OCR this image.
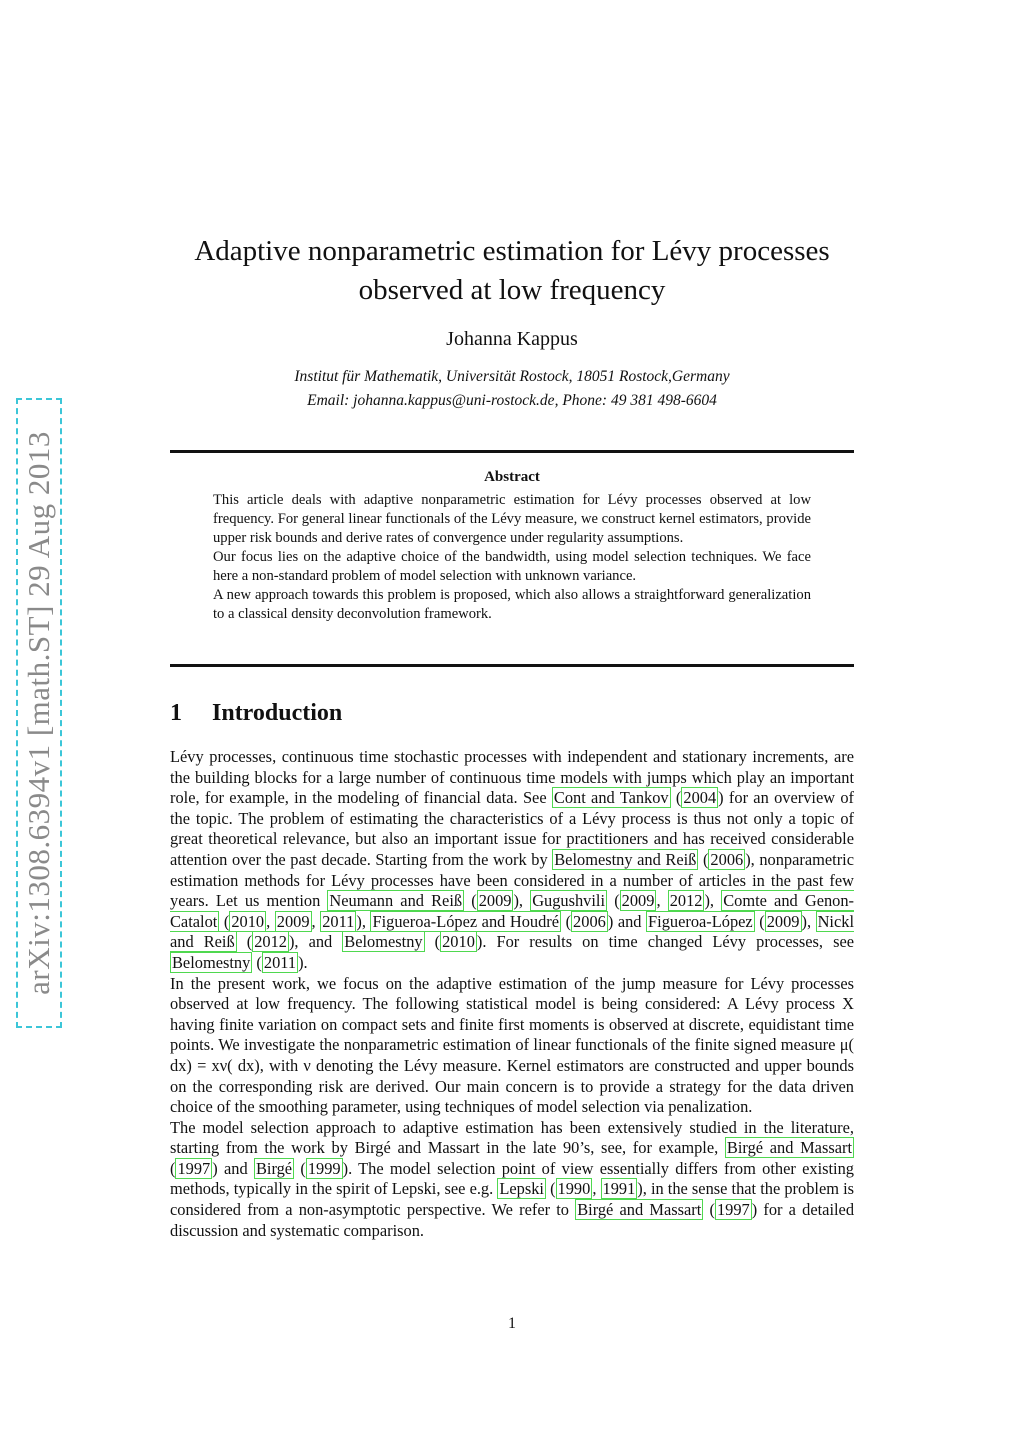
arXiv:1308.6394v1 [math.ST] 29 Aug 2013
Adaptive nonparametric estimation for Lévy processes
observed at low frequency
Johanna Kappus
Institut für Mathematik, Universität Rostock, 18051 Rostock,Germany
Email: johanna.kappus@uni-rostock.de, Phone: 49 381 498-6604
Abstract

This article deals with adaptive nonparametric estimation for Lévy processes observed at low frequency. For general linear functionals of the Lévy measure, we construct kernel estimators, provide upper risk bounds and derive rates of convergence under regularity assumptions.

Our focus lies on the adaptive choice of the bandwidth, using model selection techniques. We face here a non-standard problem of model selection with unknown variance.

A new approach towards this problem is proposed, which also allows a straightforward generalization to a classical density deconvolution framework.

1 Introduction

Lévy processes, continuous time stochastic processes with independent and stationary increments, are the building blocks for a large number of continuous time models with jumps which play an important role, for example, in the modeling of financial data. See Cont and Tankov ( 2004 ) for an overview of the topic. The problem of estimating the characteristics of a Lévy process is thus not only a topic of great theoretical relevance, but also an important issue for practitioners and has received considerable attention over the past decade. Starting from the work by Belomestny and Reiß ( 2006 ), nonparametric estimation methods for Lévy processes have been considered in a number of articles in the past few years. Let us mention Neumann and Reiß ( 2009 ), Gugushvili ( 2009 , 2012 ), Comte and Genon-Catalot ( 2010 , 2009 , 2011 ), Figueroa-López and Houdré ( 2006 ) and Figueroa-López ( 2009 ), Nickl and Reiß ( 2012 ), and Belomestny ( 2010 ). For results on time changed Lévy processes, see Belomestny ( 2011 ).

In the present work, we focus on the adaptive estimation of the jump measure for Lévy processes observed at low frequency. The following statistical model is being considered: A Lévy process X having finite variation on compact sets and finite first moments is observed at discrete, equidistant time points. We investigate the nonparametric estimation of linear functionals of the finite signed measure μ( dx) = xν( dx), with ν denoting the Lévy measure. Kernel estimators are constructed and upper bounds on the corresponding risk are derived. Our main concern is to provide a strategy for the data driven choice of the smoothing parameter, using techniques of model selection via penalization.

The model selection approach to adaptive estimation has been extensively studied in the literature, starting from the work by Birgé and Massart in the late 90’s, see, for example, Birgé and Massart ( 1997 ) and Birgé ( 1999 ). The model selection point of view essentially differs from other existing methods, typically in the spirit of Lepski, see e.g. Lepski ( 1990 , 1991 ), in the sense that the problem is considered from a non-asymptotic perspective. We refer to Birgé and Massart ( 1997 ) for a detailed discussion and systematic comparison.

1
